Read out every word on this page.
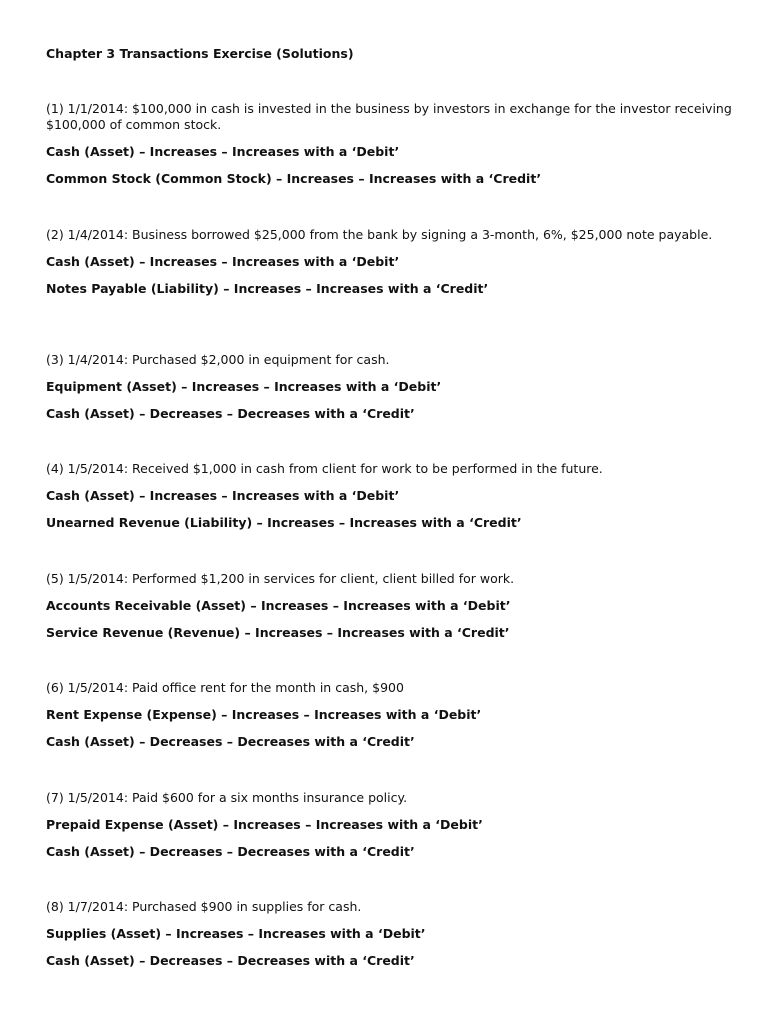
Chapter 3 Transactions Exercise (Solutions)

(1) 1/1/2014: $100,000 in cash is invested in the business by investors in exchange for the investor receiving $100,000 of common stock.

Cash (Asset) – Increases – Increases with a ‘Debit’
Common Stock (Common Stock) – Increases – Increases with a ‘Credit’

(2) 1/4/2014: Business borrowed $25,000 from the bank by signing a 3-month, 6%, $25,000 note payable.

Cash (Asset) – Increases – Increases with a ‘Debit’
Notes Payable (Liability) – Increases – Increases with a ‘Credit’

(3) 1/4/2014: Purchased $2,000 in equipment for cash.

Equipment (Asset) – Increases – Increases with a ‘Debit’
Cash (Asset) – Decreases – Decreases with a ‘Credit’

(4) 1/5/2014: Received $1,000 in cash from client for work to be performed in the future.

Cash (Asset) – Increases – Increases with a ‘Debit’
Unearned Revenue (Liability) – Increases – Increases with a ‘Credit’

(5) 1/5/2014: Performed $1,200 in services for client, client billed for work.

Accounts Receivable (Asset) – Increases – Increases with a ‘Debit’
Service Revenue (Revenue) – Increases – Increases with a ‘Credit’

(6) 1/5/2014: Paid office rent for the month in cash, $900

Rent Expense (Expense) – Increases – Increases with a ‘Debit’
Cash (Asset) – Decreases – Decreases with a ‘Credit’

(7) 1/5/2014: Paid $600 for a six months insurance policy.

Prepaid Expense (Asset) – Increases – Increases with a ‘Debit’
Cash (Asset) – Decreases – Decreases with a ‘Credit’

(8) 1/7/2014: Purchased $900 in supplies for cash.

Supplies (Asset) – Increases – Increases with a ‘Debit’
Cash (Asset) – Decreases – Decreases with a ‘Credit’
